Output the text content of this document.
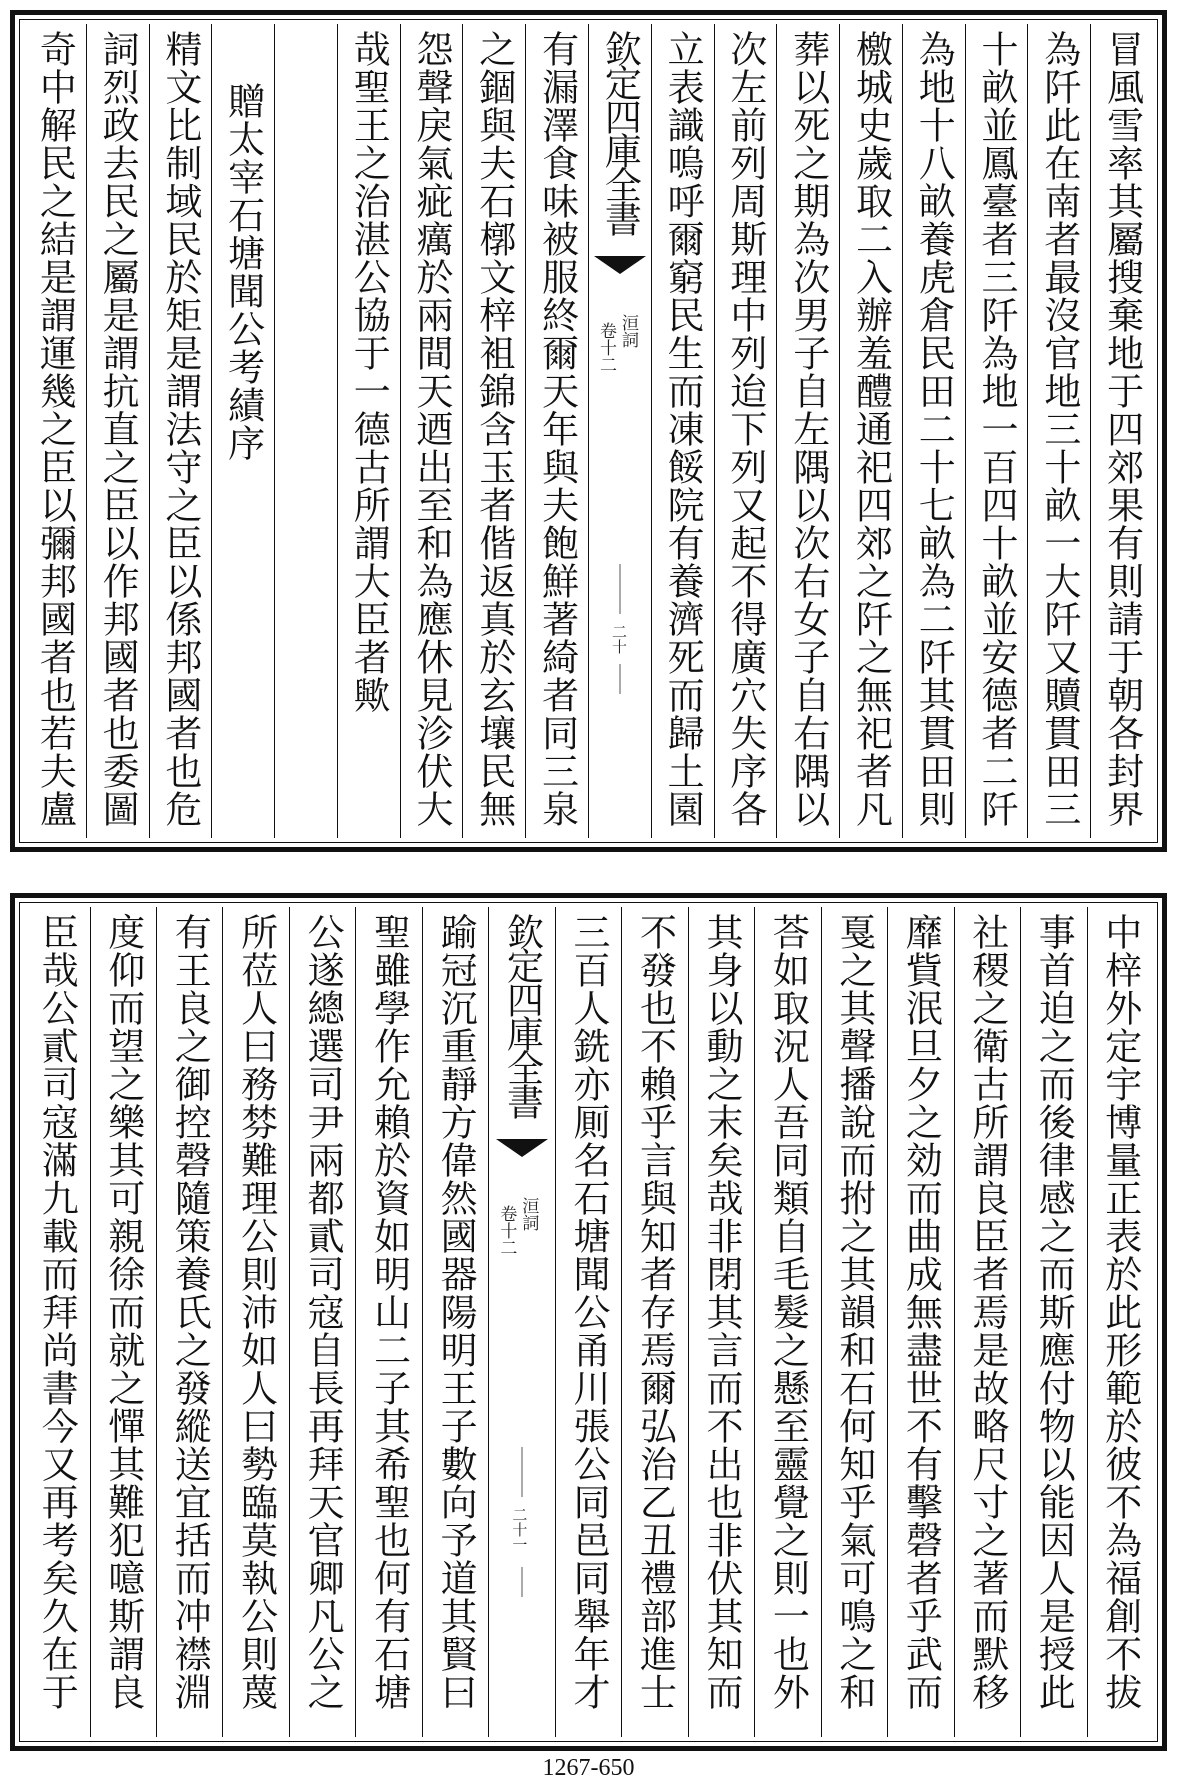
冒風雪率其屬搜棄地于四郊果有則請于朝各封界
為阡此在南者最沒官地三十畝一大阡又贖貫田三
十畝並鳳臺者三阡為地一百四十畝並安德者二阡
為地十八畝養虎倉民田二十七畝為二阡其貫田則
檄城史歲取二入辦羞醴通祀四郊之阡之無祀者凡
葬以死之期為次男子自左隅以次右女子自右隅以
次左前列周斯理中列迨下列又起不得廣穴失序各
立表識嗚呼爾窮民生而凍餒院有養濟死而歸土園
欽定四庫全書
洹詞
卷十二
二十
有漏澤食味被服終爾天年與夫飽鮮著綺者同三泉
之錮與夫石槨文梓袓錦含玉者偕返真於玄壤民無
怨聲戾氣疵癘於兩間天迺出至和為應休見沴伏大
哉聖王之治湛公協于一德古所謂大臣者歟
贈太宰石塘聞公考績序
精文比制域民於矩是謂法守之臣以係邦國者也危
詞烈政去民之屬是謂抗直之臣以作邦國者也委圖
奇中解民之結是謂運幾之臣以彌邦國者也若夫盧
中梓外定宇博量正表於此形範於彼不為福創不拔
事首迫之而後律感之而斯應付物以能因人是授此
社稷之衛古所謂良臣者焉是故略尺寸之著而默移
靡貲泯旦夕之効而曲成無盡世不有擊磬者乎武而
戛之其聲播說而拊之其韻和石何知乎氣可鳴之和
荅如取況人吾同類自毛髮之懸至靈覺之則一也外
其身以動之末矣哉非閉其言而不出也非伏其知而
不發也不賴乎言與知者存焉爾弘治乙丑禮部進士
三百人銑亦厠名石塘聞公甬川張公同邑同舉年才
欽定四庫全書
洹詞
卷十二
二十一
踰冠沉重靜方偉然國器陽明王子數向予道其賢曰
聖雖學作允賴於資如明山二子其希聖也何有石塘
公遂總選司尹兩都貳司寇自長再拜天官卿凡公之
所莅人曰務棼難理公則沛如人曰勢臨莫執公則蔑
有王良之御控磬隨策養氏之發縱送宜括而冲襟淵
度仰而望之樂其可親徐而就之憚其難犯噫斯謂良
臣哉公貳司寇滿九載而拜尚書今又再考矣久在于
1267-650
